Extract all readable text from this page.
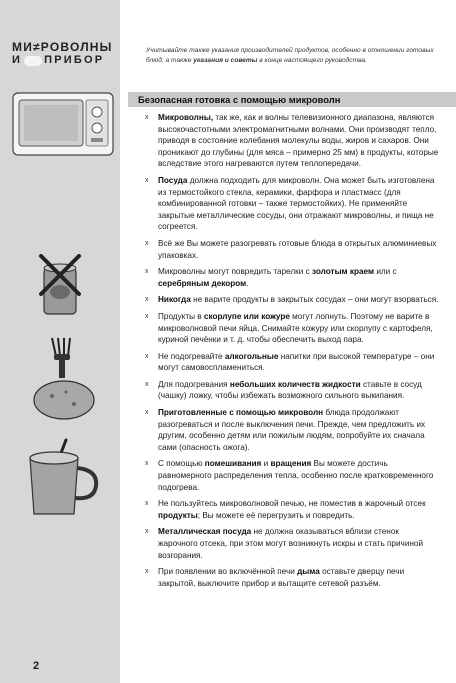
МИ≠РОВОЛНЫ
И ПРИБОР
2
Учитывайте также указания производителей продуктов, особенно в отношении готовых блюд, а также указания и советы в конце настоящего руководства.
Безопасная готовка с помощью микроволн
x Микроволны, так же, как и волны телевизионного диапазона, являются высокочастотными электромагнитными волнами. Они производят тепло, приводя в состояние колебания молекулы воды, жиров и сахаров. Они проникают до глубины (для мяса – примерно 25 мм) в продукты, которые вследствие этого нагреваются путем теплопередачи.
x Посуда должна подходить для микроволн. Она может быть изготовлена из термостойкого стекла, керамики, фарфора и пластмасс (для комбинированной готовки – также термостойких). Не применяйте закрытые металлические сосуды, они отражают микроволны, и пища не согреется.
x Всё же Вы можете разогревать готовые блюда в открытых алюминиевых упаковках.
x Микроволны могут повредить тарелки с золотым краем или с серебряным декором.
x Никогда не варите продукты в закрытых сосудах – они могут взорваться.
x Продукты в скорлупе или кожуре могут лопнуть. Поэтому не варите в микроволновой печи яйца. Снимайте кожуру или скорлупу с картофеля, куриной печёнки и т. д. чтобы обеспечить выход пара.
x Не подогревайте алкогольные напитки при высокой температуре – они могут самовоспламениться.
x Для подогревания небольших количеств жидкости ставьте в сосуд (чашку) ложку, чтобы избежать возможного сильного выкипания.
x Приготовленные с помощью микроволн блюда продолжают разогреваться и после выключения печи. Прежде, чем предложить их другим, особенно детям или пожилым людям, попробуйте их сначала сами (опасность ожога).
x С помощью помешивания и вращения Вы можете достичь равномерного распределения тепла, особенно после кратковременного подогрева.
x Не пользуйтесь микроволновой печью, не поместив в жарочный отсек продукты; Вы можете её перегрузить и повредить.
x Металлическая посуда не должна оказываться вблизи стенок жарочного отсека, при этом могут возникнуть искры и стать причиной возгорания.
x При появлении во включённой печи дыма оставьте дверцу печи закрытой, выключите прибор и вытащите сетевой разъём.
